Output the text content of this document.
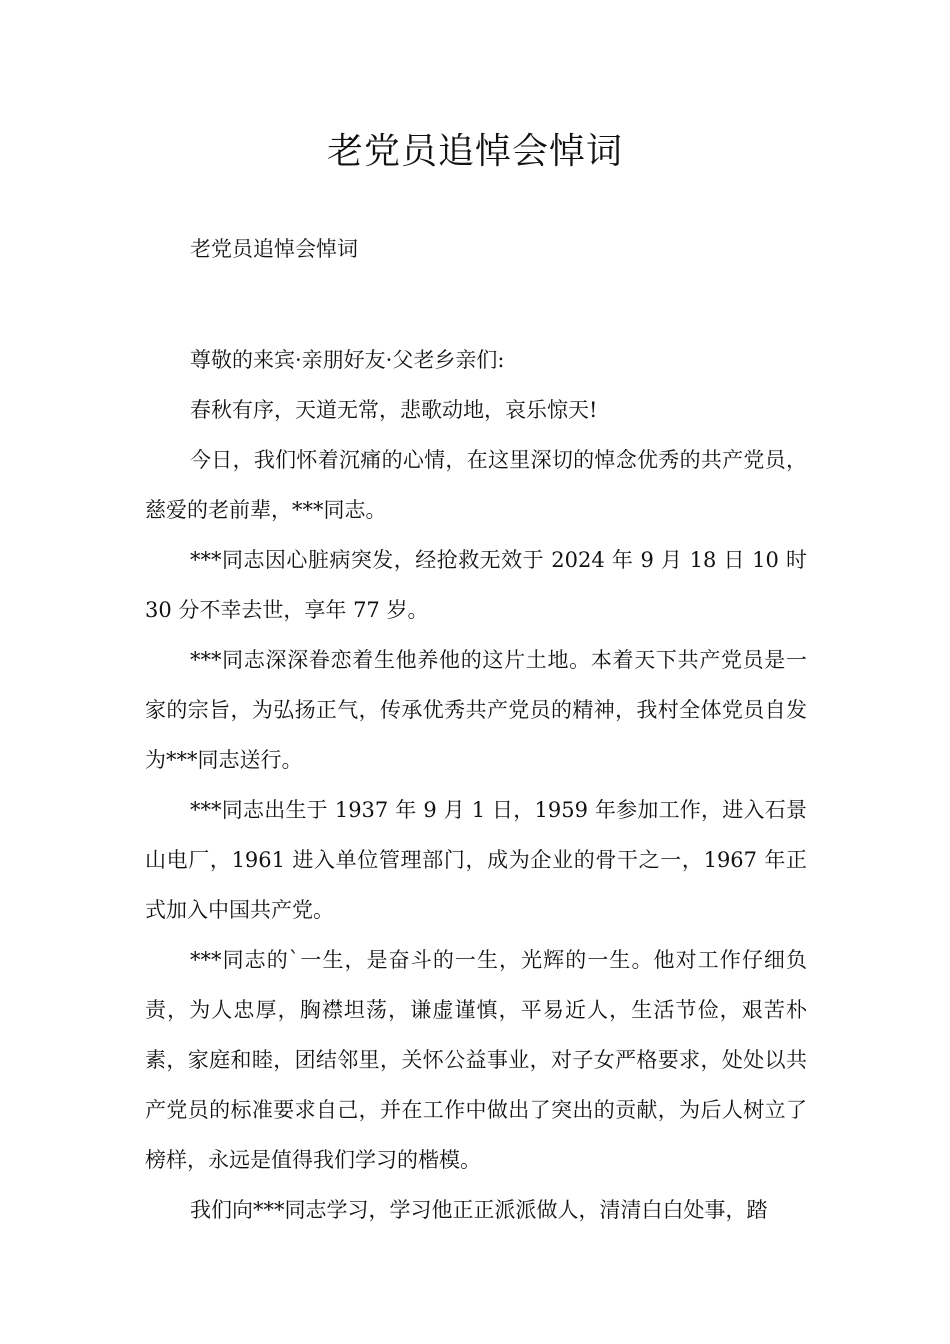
老党员追悼会悼词

老党员追悼会悼词

尊敬的来宾·亲朋好友·父老乡亲们:

春秋有序，天道无常，悲歌动地，哀乐惊天!

今日，我们怀着沉痛的心情，在这里深切的悼念优秀的共产党员，慈爱的老前辈，***同志。

***同志因心脏病突发，经抢救无效于 2024 年 9 月 18 日 10 时 30 分不幸去世，享年 77 岁。

***同志深深眷恋着生他养他的这片土地。本着天下共产党员是一家的宗旨，为弘扬正气，传承优秀共产党员的精神，我村全体党员自发为***同志送行。

***同志出生于 1937 年 9 月 1 日，1959 年参加工作，进入石景山电厂，1961 进入单位管理部门，成为企业的骨干之一，1967 年正式加入中国共产党。

***同志的`一生，是奋斗的一生，光辉的一生。他对工作仔细负责，为人忠厚，胸襟坦荡，谦虚谨慎，平易近人，生活节俭，艰苦朴素，家庭和睦，团结邻里，关怀公益事业，对子女严格要求，处处以共产党员的标准要求自己，并在工作中做出了突出的贡献，为后人树立了榜样，永远是值得我们学习的楷模。

我们向***同志学习，学习他正正派派做人，清清白白处事，踏
